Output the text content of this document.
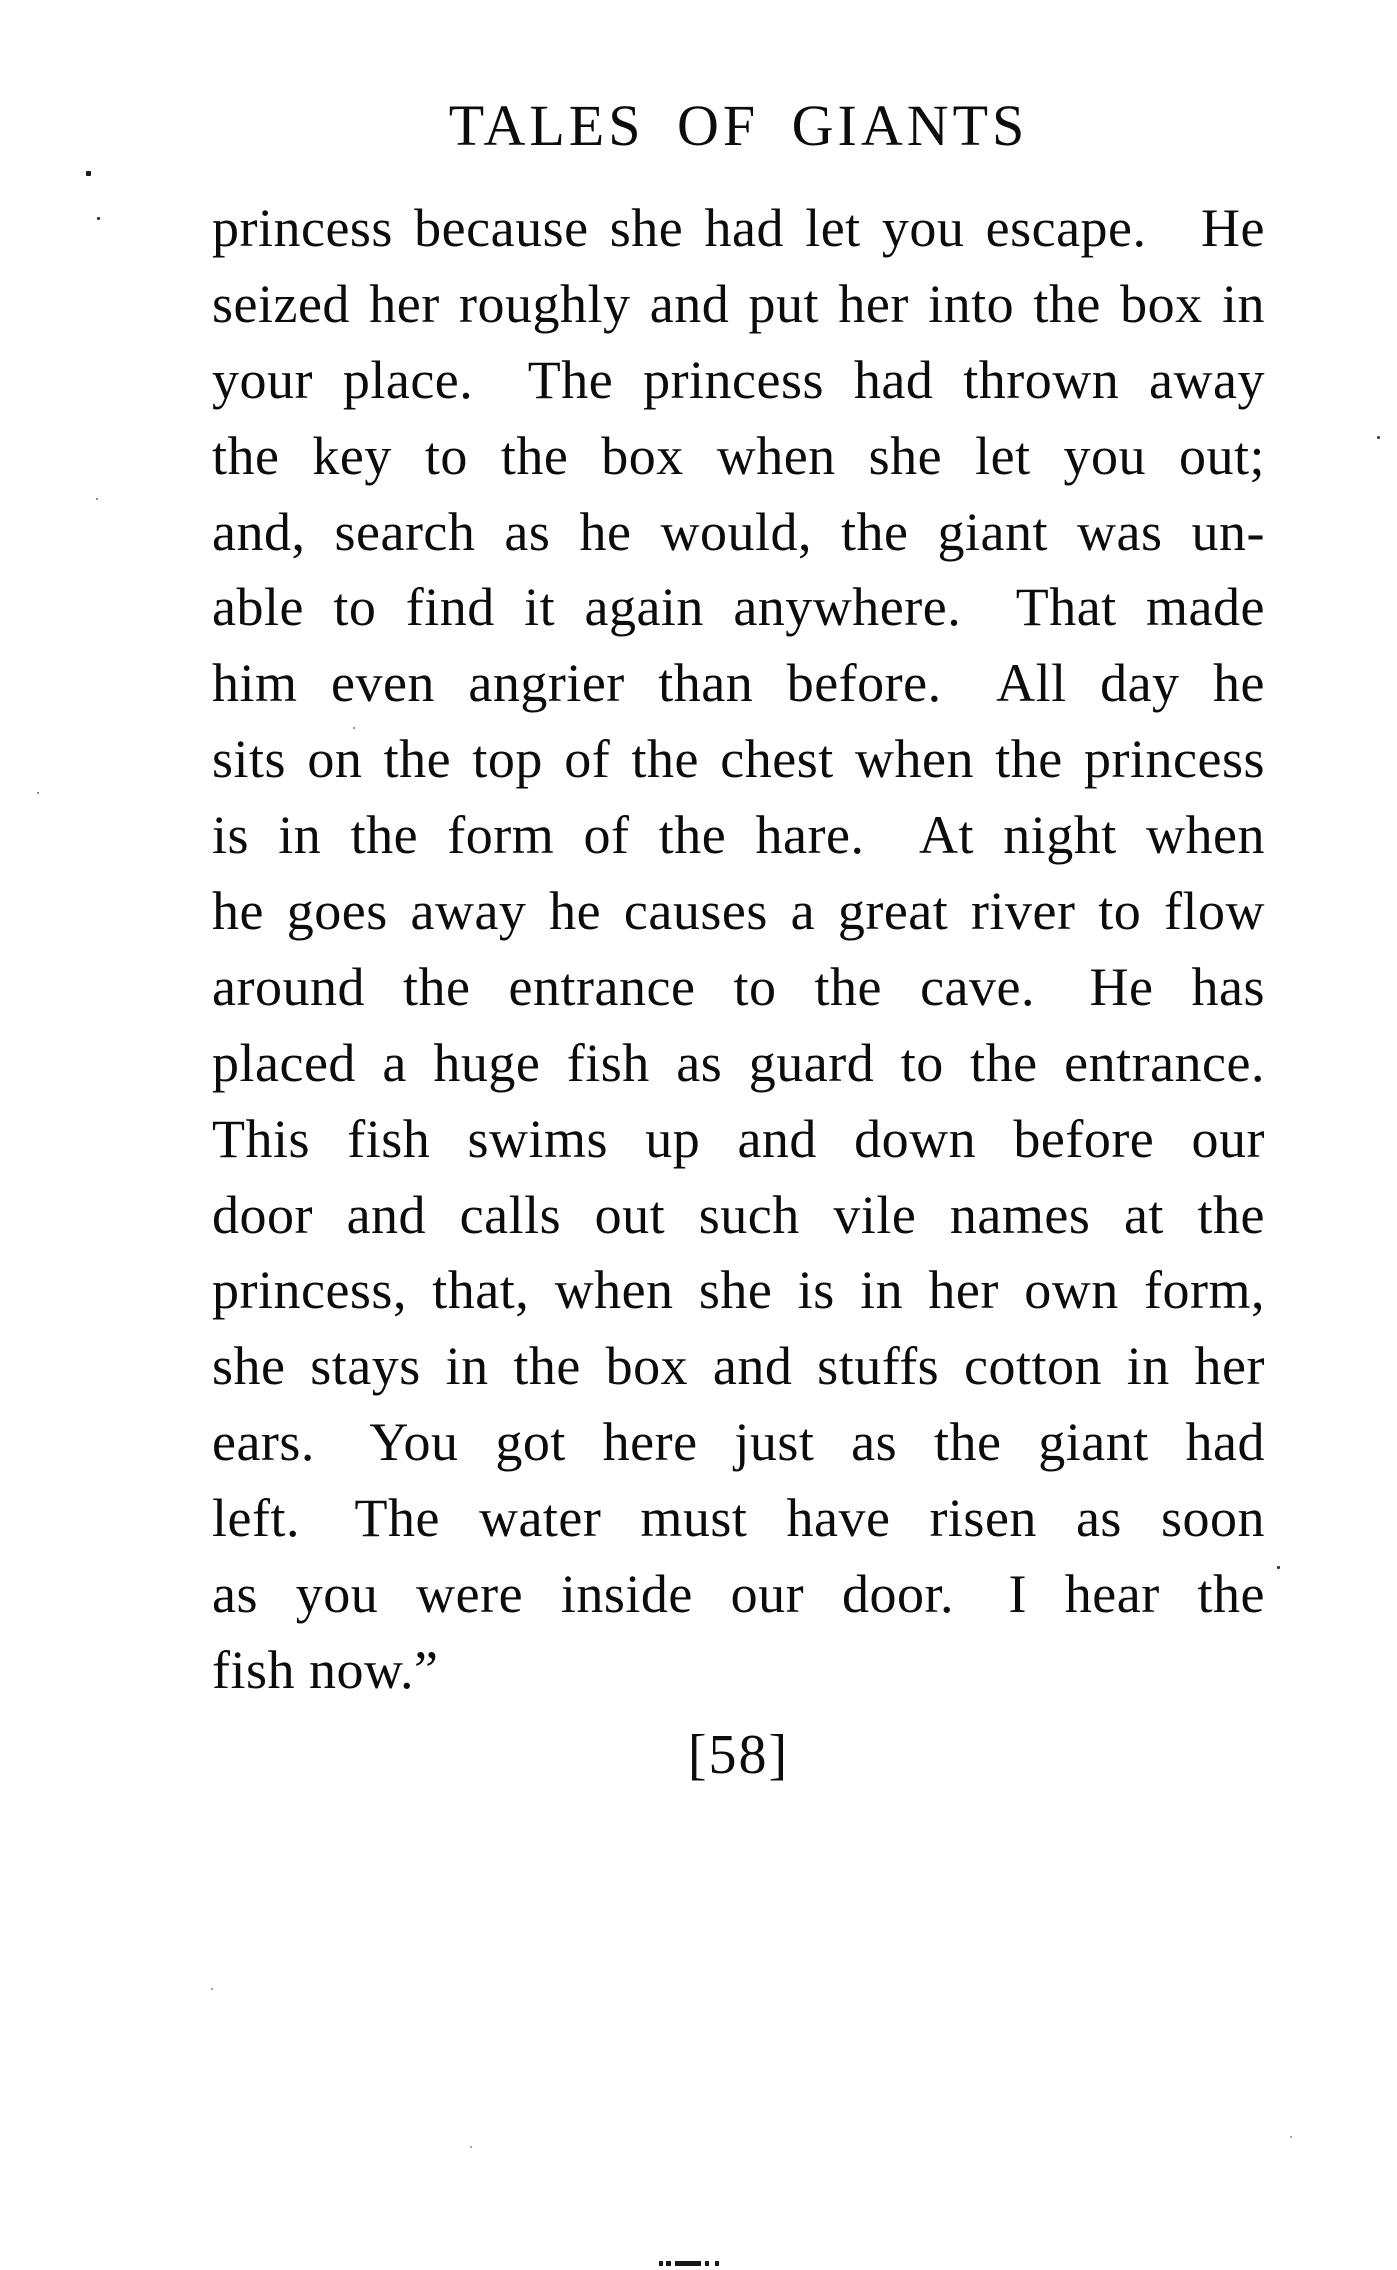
TALES OF GIANTS
princess because she had let you escape. He
seized her roughly and put her into the box in
your place. The princess had thrown away
the key to the box when she let you out;
and, search as he would, the giant was un-
able to find it again anywhere. That made
him even angrier than before. All day he
sits on the top of the chest when the princess
is in the form of the hare. At night when
he goes away he causes a great river to flow
around the entrance to the cave. He has
placed a huge fish as guard to the entrance.
This fish swims up and down before our
door and calls out such vile names at the
princess, that, when she is in her own form,
she stays in the box and stuffs cotton in her
ears. You got here just as the giant had
left. The water must have risen as soon
as you were inside our door. I hear the
fish now.”
[58]
